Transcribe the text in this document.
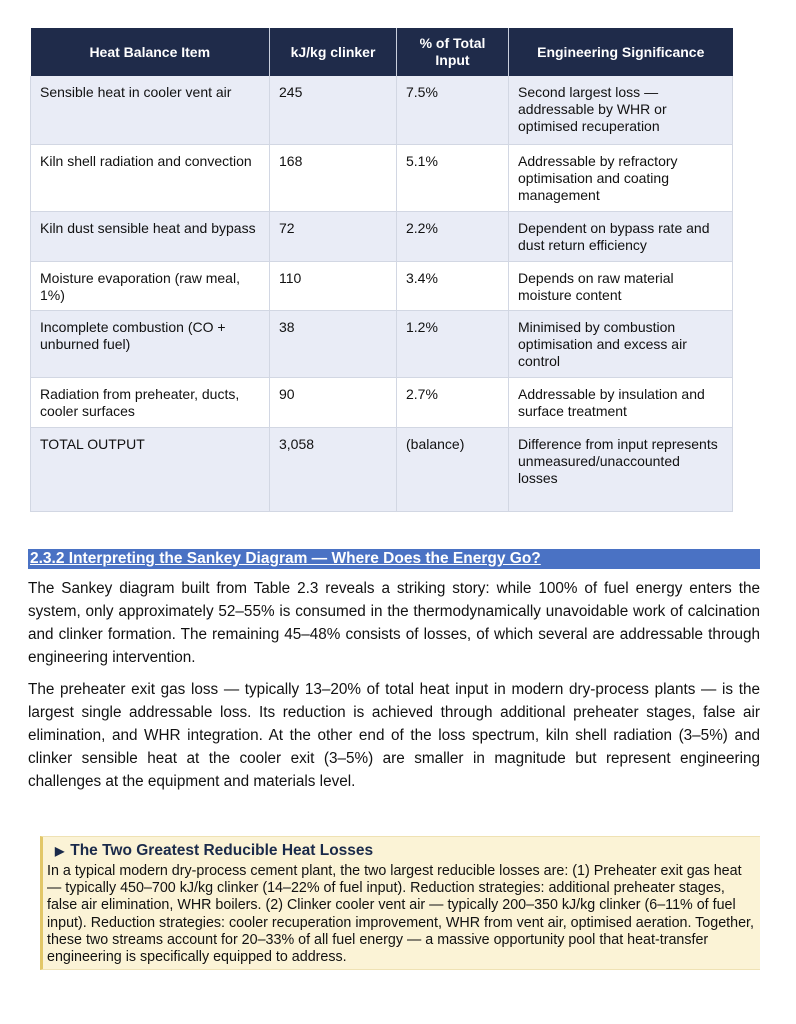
Heat Balance Item	kJ/kg clinker	% of Total Input	Engineering Significance
Sensible heat in cooler vent air	245	7.5%	Second largest loss — addressable by WHR or optimised recuperation
Kiln shell radiation and convection	168	5.1%	Addressable by refractory optimisation and coating management
Kiln dust sensible heat and bypass	72	2.2%	Dependent on bypass rate and dust return efficiency
Moisture evaporation (raw meal, 1%)	110	3.4%	Depends on raw material moisture content
Incomplete combustion (CO + unburned fuel)	38	1.2%	Minimised by combustion optimisation and excess air control
Radiation from preheater, ducts, cooler surfaces	90	2.7%	Addressable by insulation and surface treatment
TOTAL OUTPUT	3,058	(balance)	Difference from input represents unmeasured/unaccounted losses
2.3.2 Interpreting the Sankey Diagram — Where Does the Energy Go?

The Sankey diagram built from Table 2.3 reveals a striking story: while 100% of fuel energy enters the system, only approximately 52–55% is consumed in the thermodynamically unavoidable work of calcination and clinker formation. The remaining 45–48% consists of losses, of which several are addressable through engineering intervention.

The preheater exit gas loss — typically 13–20% of total heat input in modern dry-process plants — is the largest single addressable loss. Its reduction is achieved through additional preheater stages, false air elimination, and WHR integration. At the other end of the loss spectrum, kiln shell radiation (3–5%) and clinker sensible heat at the cooler exit (3–5%) are smaller in magnitude but represent engineering challenges at the equipment and materials level.

▶ The Two Greatest Reducible Heat Losses

In a typical modern dry-process cement plant, the two largest reducible losses are: (1) Preheater exit gas heat — typically 450–700 kJ/kg clinker (14–22% of fuel input). Reduction strategies: additional preheater stages, false air elimination, WHR boilers. (2) Clinker cooler vent air — typically 200–350 kJ/kg clinker (6–11% of fuel input). Reduction strategies: cooler recuperation improvement, WHR from vent air, optimised aeration. Together, these two streams account for 20–33% of all fuel energy — a massive opportunity pool that heat-transfer engineering is specifically equipped to address.
